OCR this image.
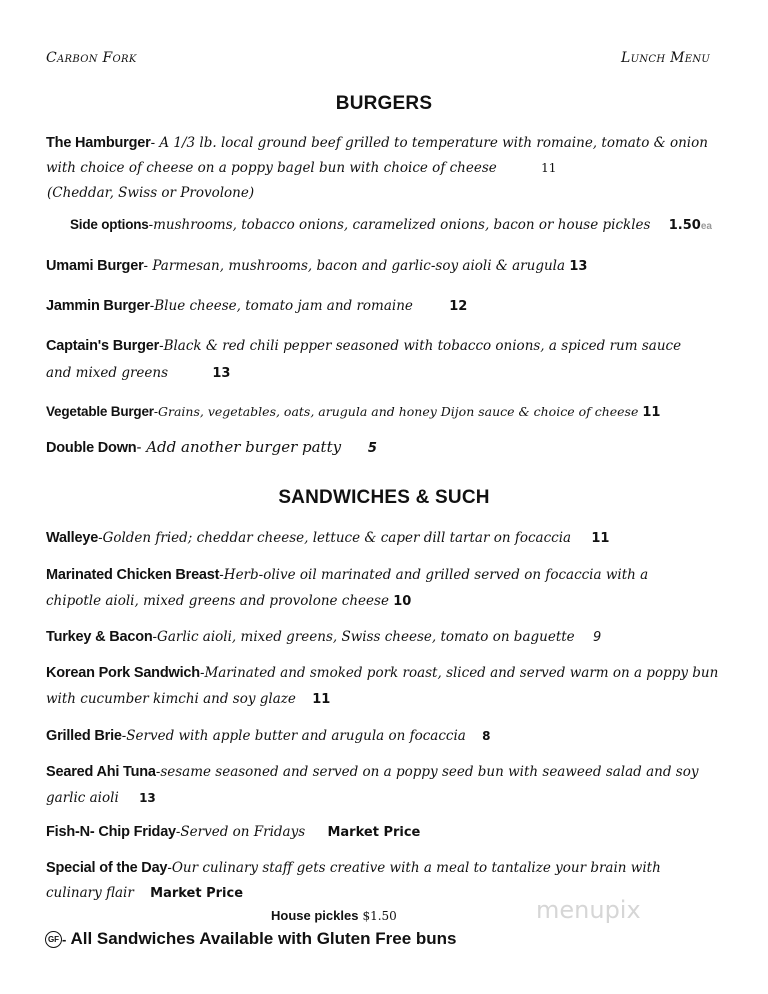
Carbon Fork	Lunch Menu
BURGERS
The Hamburger- A 1/3 lb. local ground beef grilled to temperature with romaine, tomato & onion
with choice of cheese on a poppy bagel bun with choice of cheese	11
(Cheddar, Swiss or Provolone)
Side options-mushrooms, tobacco onions, caramelized onions, bacon or house pickles 1.50ea
Umami Burger- Parmesan, mushrooms, bacon and garlic-soy aioli & arugula 13
Jammin Burger-Blue cheese, tomato jam and romaine	12
Captain's Burger-Black & red chili pepper seasoned with tobacco onions, a spiced rum sauce
and mixed greens	13
Vegetable Burger-Grains, vegetables, oats, arugula and honey Dijon sauce & choice of cheese 11
Double Down- Add another burger patty 5
SANDWICHES & SUCH
Walleye-Golden fried; cheddar cheese, lettuce & caper dill tartar on focaccia 11
Marinated Chicken Breast-Herb-olive oil marinated and grilled served on focaccia with a
chipotle aioli, mixed greens and provolone cheese 10
Turkey & Bacon-Garlic aioli, mixed greens, Swiss cheese, tomato on baguette 9
Korean Pork Sandwich-Marinated and smoked pork roast, sliced and served warm on a poppy bun
with cucumber kimchi and soy glaze 11
Grilled Brie-Served with apple butter and arugula on focaccia 8
Seared Ahi Tuna-sesame seasoned and served on a poppy seed bun with seaweed salad and soy
garlic aioli 13
Fish-N- Chip Friday-Served on Fridays Market Price
Special of the Day-Our culinary staff gets creative with a meal to tantalize your brain with
culinary flair Market Price
House pickles $1.50
GF - All Sandwiches Available with Gluten Free buns
menupix
